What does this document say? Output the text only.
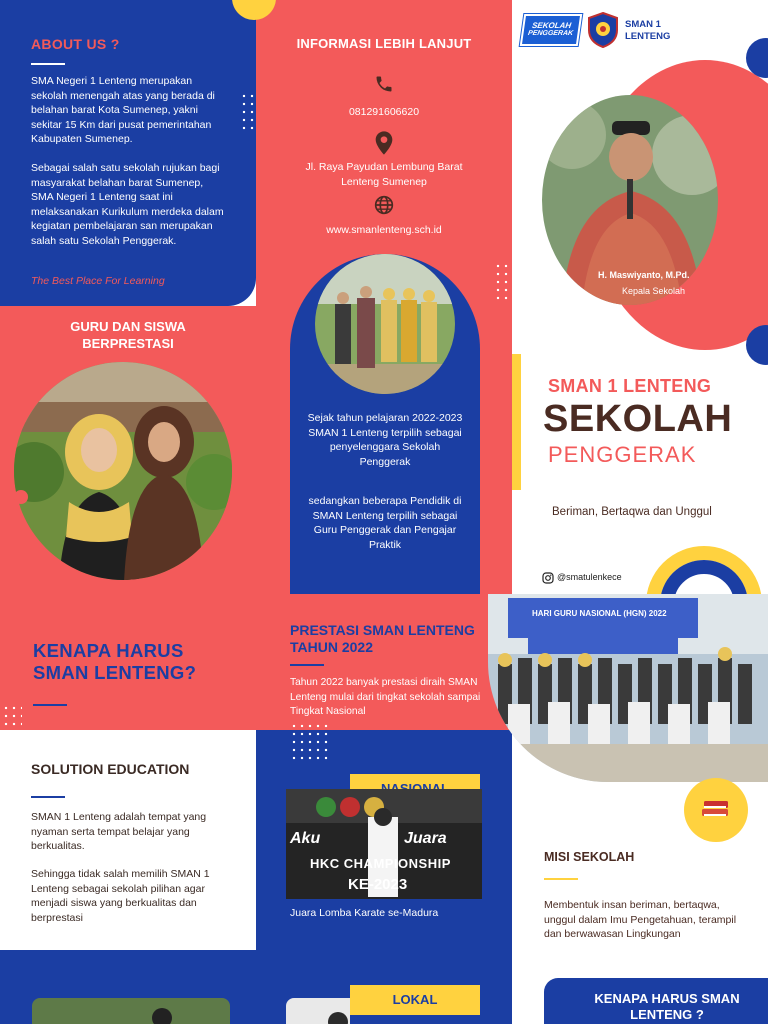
ABOUT US ?
SMA Negeri 1 Lenteng merupakan sekolah menengah atas yang berada di belahan barat Kota Sumenep, yakni sekitar 15 Km dari pusat pemerintahan Kabupaten Sumenep.
Sebagai salah satu sekolah rujukan bagi masyarakat belahan barat Sumenep, SMA Negeri 1 Lenteng saat ini melaksanakan Kurikulum merdeka dalam kegiatan pembelajaran san merupakan salah satu Sekolah Penggerak.
The Best Place For Learning
GURU DAN SISWA BERPRESTASI
KENAPA HARUS SMAN LENTENG?
SOLUTION EDUCATION
SMAN 1 Lenteng adalah tempat yang nyaman serta tempat belajar yang berkualitas.
Sehingga tidak salah memilih SMAN 1 Lenteng sebagai sekolah pilihan agar menjadi siswa yang berkualitas dan berprestasi
INFORMASI LEBIH LANJUT
081291606620
Jl. Raya Payudan Lembung Barat Lenteng Sumenep
www.smanlenteng.sch.id
Sejak tahun pelajaran 2022-2023 SMAN 1 Lenteng terpilih sebagai penyelenggara Sekolah Penggerak
sedangkan beberapa Pendidik di SMAN Lenteng terpilih sebagai Guru Penggerak dan Pengajar Praktik
PRESTASI SMAN LENTENG TAHUN 2022
Tahun 2022 banyak prestasi diraih SMAN Lenteng mulai dari tingkat sekolah sampai Tingkat Nasional
Aku	Juara
HKC CHAMPIONSHIP
KE-2023
Juara Lomba Karate se-Madura
LOKAL
SEKOLAH
PENGGERAK
SMAN 1
LENTENG
H. Maswiyanto, M.Pd.
Kepala Sekolah
SMAN 1 LENTENG
SEKOLAH
PENGGERAK
Beriman, Bertaqwa dan Unggul
@smatulenkece
HARI GURU NASIONAL (HGN) 2022
MISI SEKOLAH
Membentuk insan beriman, bertaqwa, unggul dalam Imu Pengetahuan, terampil dan berwawasan Lingkungan
KENAPA HARUS SMAN LENTENG ?
